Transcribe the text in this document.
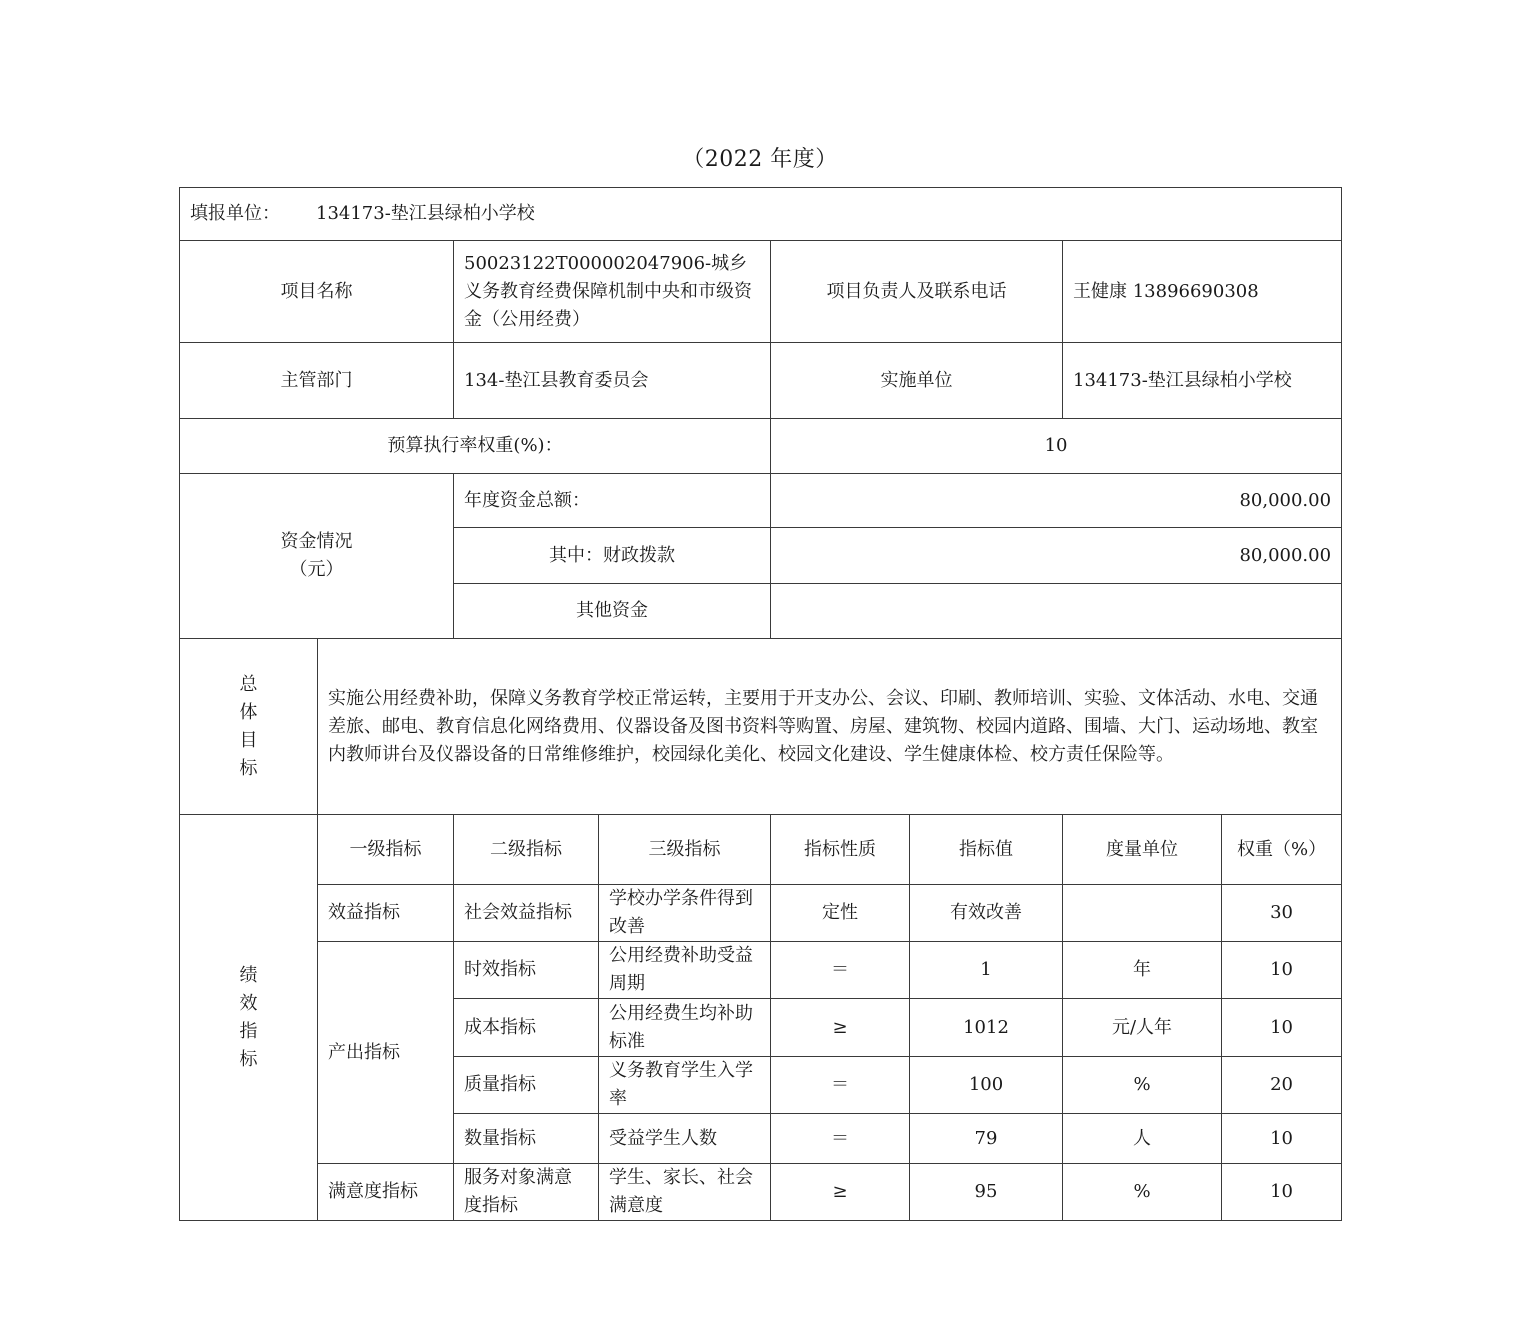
（2022 年度）
填报单位： 134173-垫江县绿柏小学校							
项目名称		50023122T000002047906-城乡义务教育经费保障机制中央和市级资金（公用经费）		项目负责人及联系电话		王健康 13896690308	
主管部门		134-垫江县教育委员会		实施单位		134173-垫江县绿柏小学校	
预算执行率权重(%)：				10			
资金情况
（元）		年度资金总额：		80,000.00			
		其中：财政拨款		80,000.00			
		其他资金					

总
体
目
标	实施公用经费补助，保障义务教育学校正常运转，主要用于开支办公、会议、印刷、教师培训、实验、文体活动、水电、交通差旅、邮电、教育信息化网络费用、仪器设备及图书资料等购置、房屋、建筑物、校园内道路、围墙、大门、运动场地、教室内教师讲台及仪器设备的日常维修维护，校园绿化美化、校园文化建设、学生健康体检、校方责任保险等。						

绩
效
指
标	一级指标	二级指标	三级指标	指标性质	指标值	度量单位	权重（%）
	效益指标	社会效益指标	学校办学条件得到改善	定性	有效改善		30
	产出指标	时效指标	公用经费补助受益周期	＝	1	年	10
		成本指标	公用经费生均补助标准	≥	1012	元/人年	10
		质量指标	义务教育学生入学率	＝	100	%	20
		数量指标	受益学生人数	＝	79	人	10
	满意度指标	服务对象满意度指标	学生、家长、社会满意度	≥	95	%	10
